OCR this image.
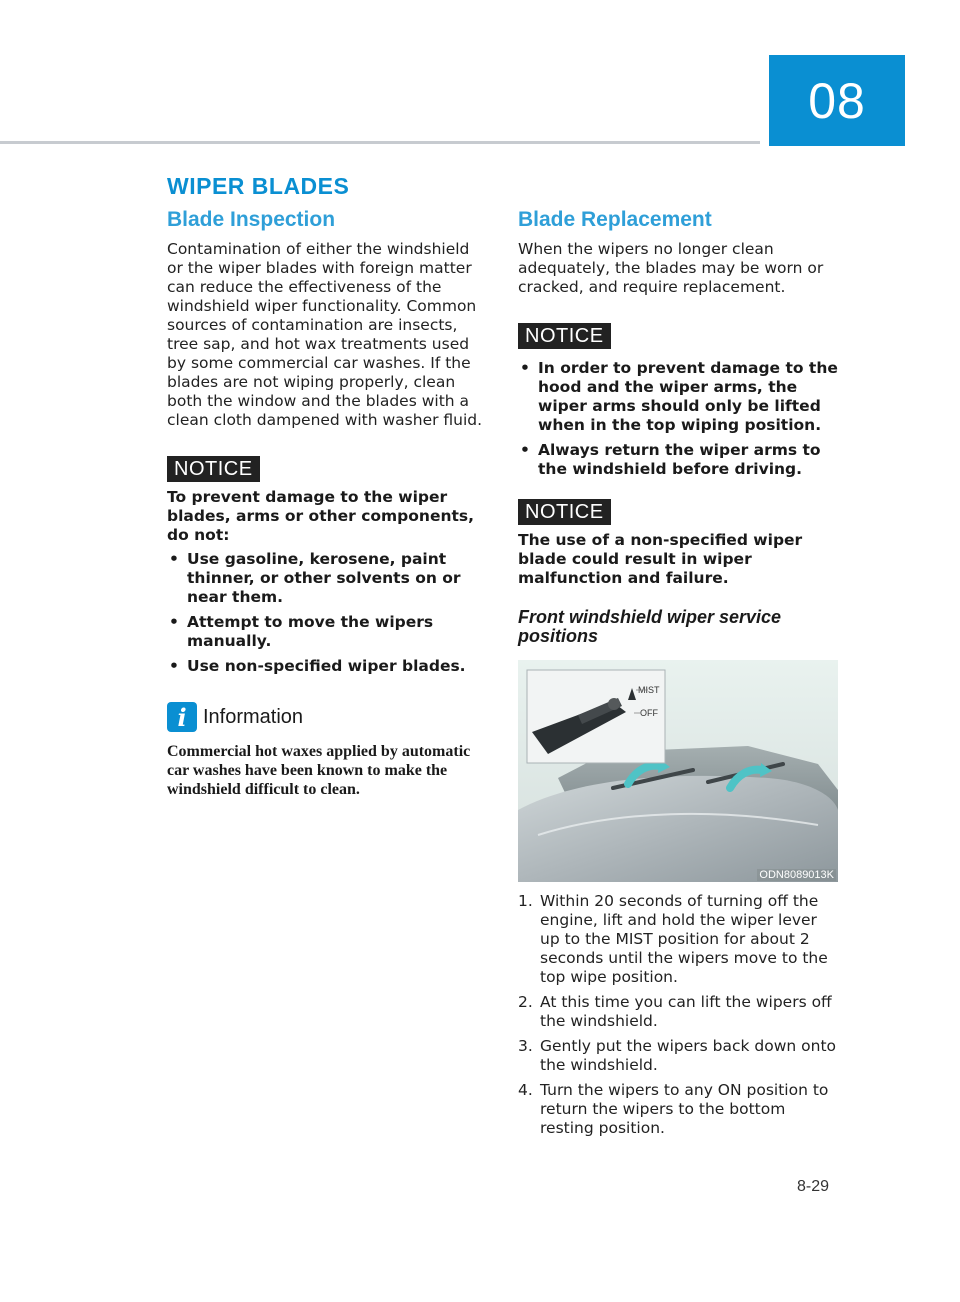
08
WIPER BLADES
Blade Inspection

Contamination of either the windshield or the wiper blades with foreign matter can reduce the effectiveness of the windshield wiper functionality. Common sources of contamination are insects, tree sap, and hot wax treatments used by some commercial car washes. If the blades are not wiping properly, clean both the window and the blades with a clean cloth dampened with washer fluid.

NOTICE

To prevent damage to the wiper blades, arms or other components, do not:

• Use gasoline, kerosene, paint thinner, or other solvents on or near them.
• Attempt to move the wipers manually.
• Use non-specified wiper blades.
i Information

Commercial hot waxes applied by automatic car washes have been known to make the windshield difficult to clean.

Blade Replacement

When the wipers no longer clean adequately, the blades may be worn or cracked, and require replacement.

NOTICE
• In order to prevent damage to the hood and the wiper arms, the wiper arms should only be lifted when in the top wiping position.
• Always return the wiper arms to the windshield before driving.
NOTICE

The use of a non-specified wiper blade could result in wiper malfunction and failure.

Front windshield wiper service positions

MIST
OFF
ODN8089013K
1. Within 20 seconds of turning off the engine, lift and hold the wiper lever up to the MIST position for about 2 seconds until the wipers move to the top wipe position.
2. At this time you can lift the wipers off the windshield.
3. Gently put the wipers back down onto the windshield.
4. Turn the wipers to any ON position to return the wipers to the bottom resting position.
8-29
